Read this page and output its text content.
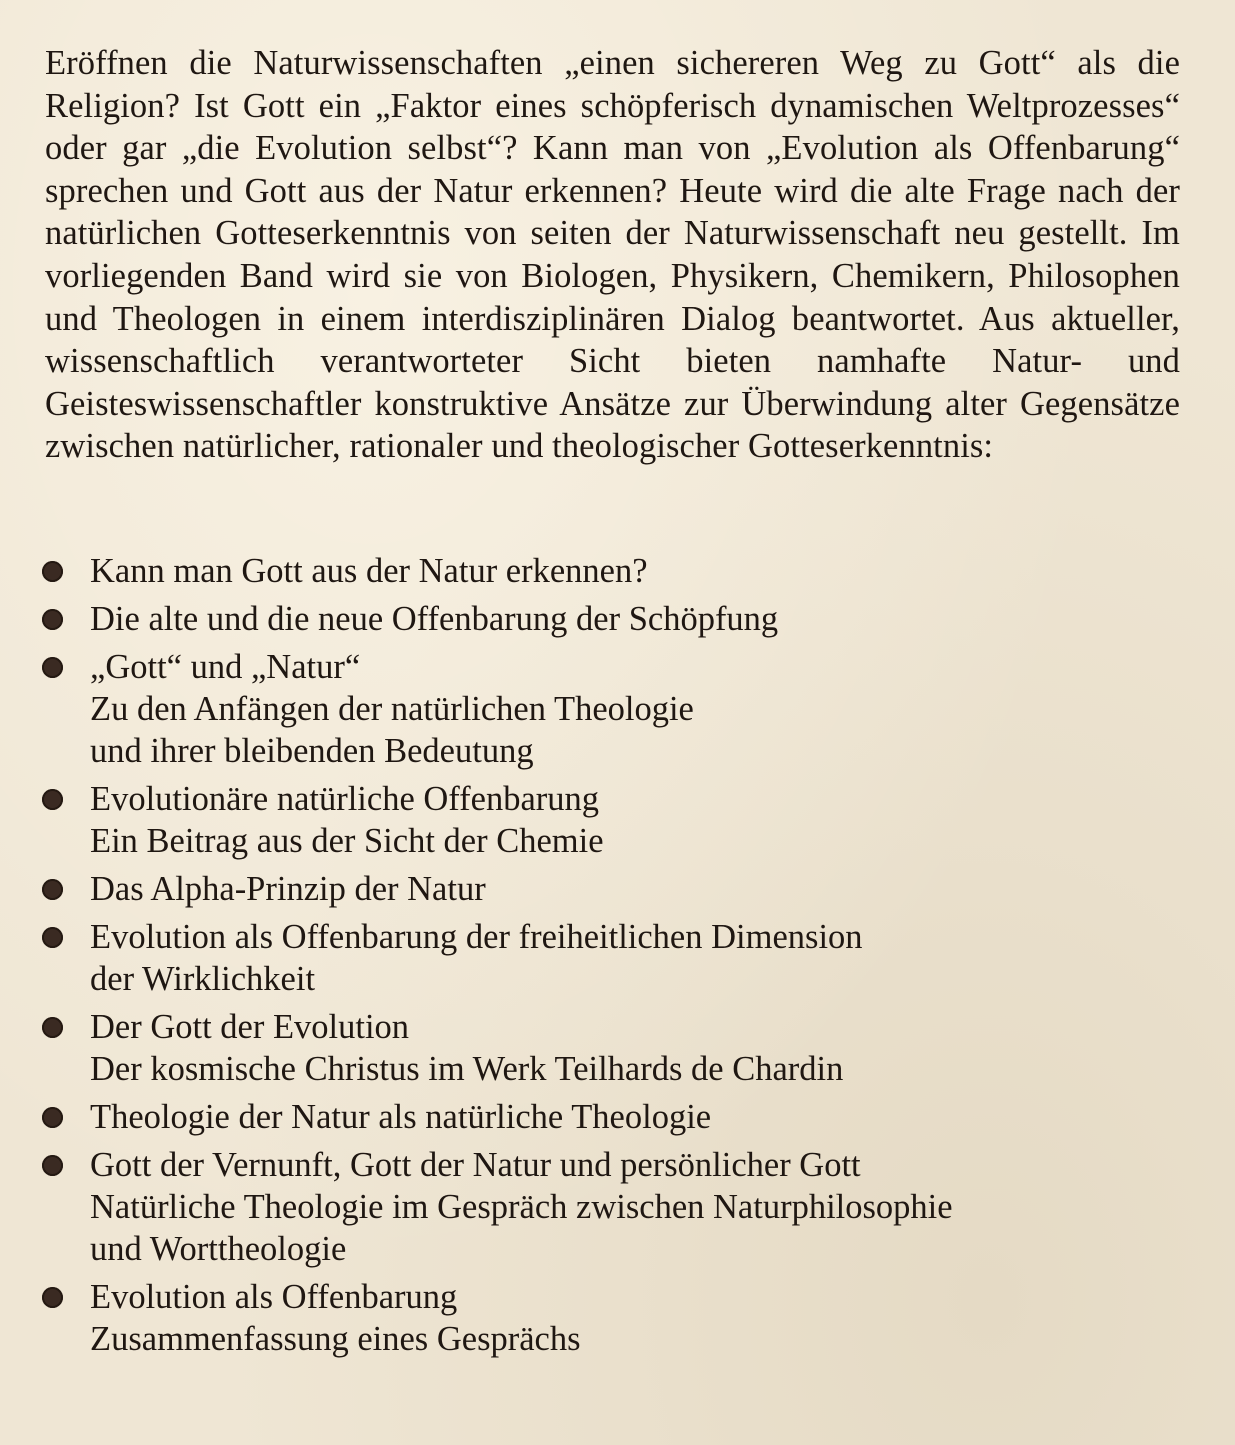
Eröffnen die Naturwissenschaften „einen sichereren Weg zu Gott“ als die Religion? Ist Gott ein „Faktor eines schöpferisch dynamischen Weltprozesses“ oder gar „die Evolution selbst“? Kann man von „Evolution als Offenbarung“ sprechen und Gott aus der Natur erkennen? Heute wird die alte Frage nach der natürlichen Gotteserkenntnis von seiten der Naturwissenschaft neu gestellt. Im vorliegenden Band wird sie von Biologen, Physikern, Chemikern, Philosophen und Theologen in einem interdisziplinären Dialog beantwortet. Aus aktueller, wissenschaftlich verantworteter Sicht bieten namhafte Natur- und Geisteswissenschaftler konstruktive Ansätze zur Überwindung alter Gegensätze zwischen natürlicher, rationaler und theologischer Gotteserkenntnis:

Kann man Gott aus der Natur erkennen?
Die alte und die neue Offenbarung der Schöpfung
„Gott“ und „Natur“
Zu den Anfängen der natürlichen Theologie
und ihrer bleibenden Bedeutung
Evolutionäre natürliche Offenbarung
Ein Beitrag aus der Sicht der Chemie
Das Alpha-Prinzip der Natur
Evolution als Offenbarung der freiheitlichen Dimension
der Wirklichkeit
Der Gott der Evolution
Der kosmische Christus im Werk Teilhards de Chardin
Theologie der Natur als natürliche Theologie
Gott der Vernunft, Gott der Natur und persönlicher Gott
Natürliche Theologie im Gespräch zwischen Naturphilosophie
und Worttheologie
Evolution als Offenbarung
Zusammenfassung eines Gesprächs
